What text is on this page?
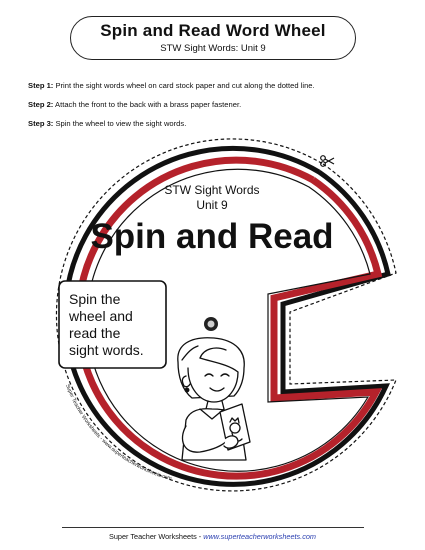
Spin and Read Word Wheel
STW Sight Words: Unit 9
Step 1: Print the sight words wheel on card stock paper and cut along the dotted line.
Step 2: Attach the front to the back with a brass paper fastener.
Step 3: Spin the wheel to view the sight words.
STW Sight Words
Unit 9
Spin and Read
Spin the
wheel and
read the
sight words.
Super Teacher Worksheets - www.superteacherworksheets.com
Super Teacher Worksheets - www.superteacherworksheets.com
